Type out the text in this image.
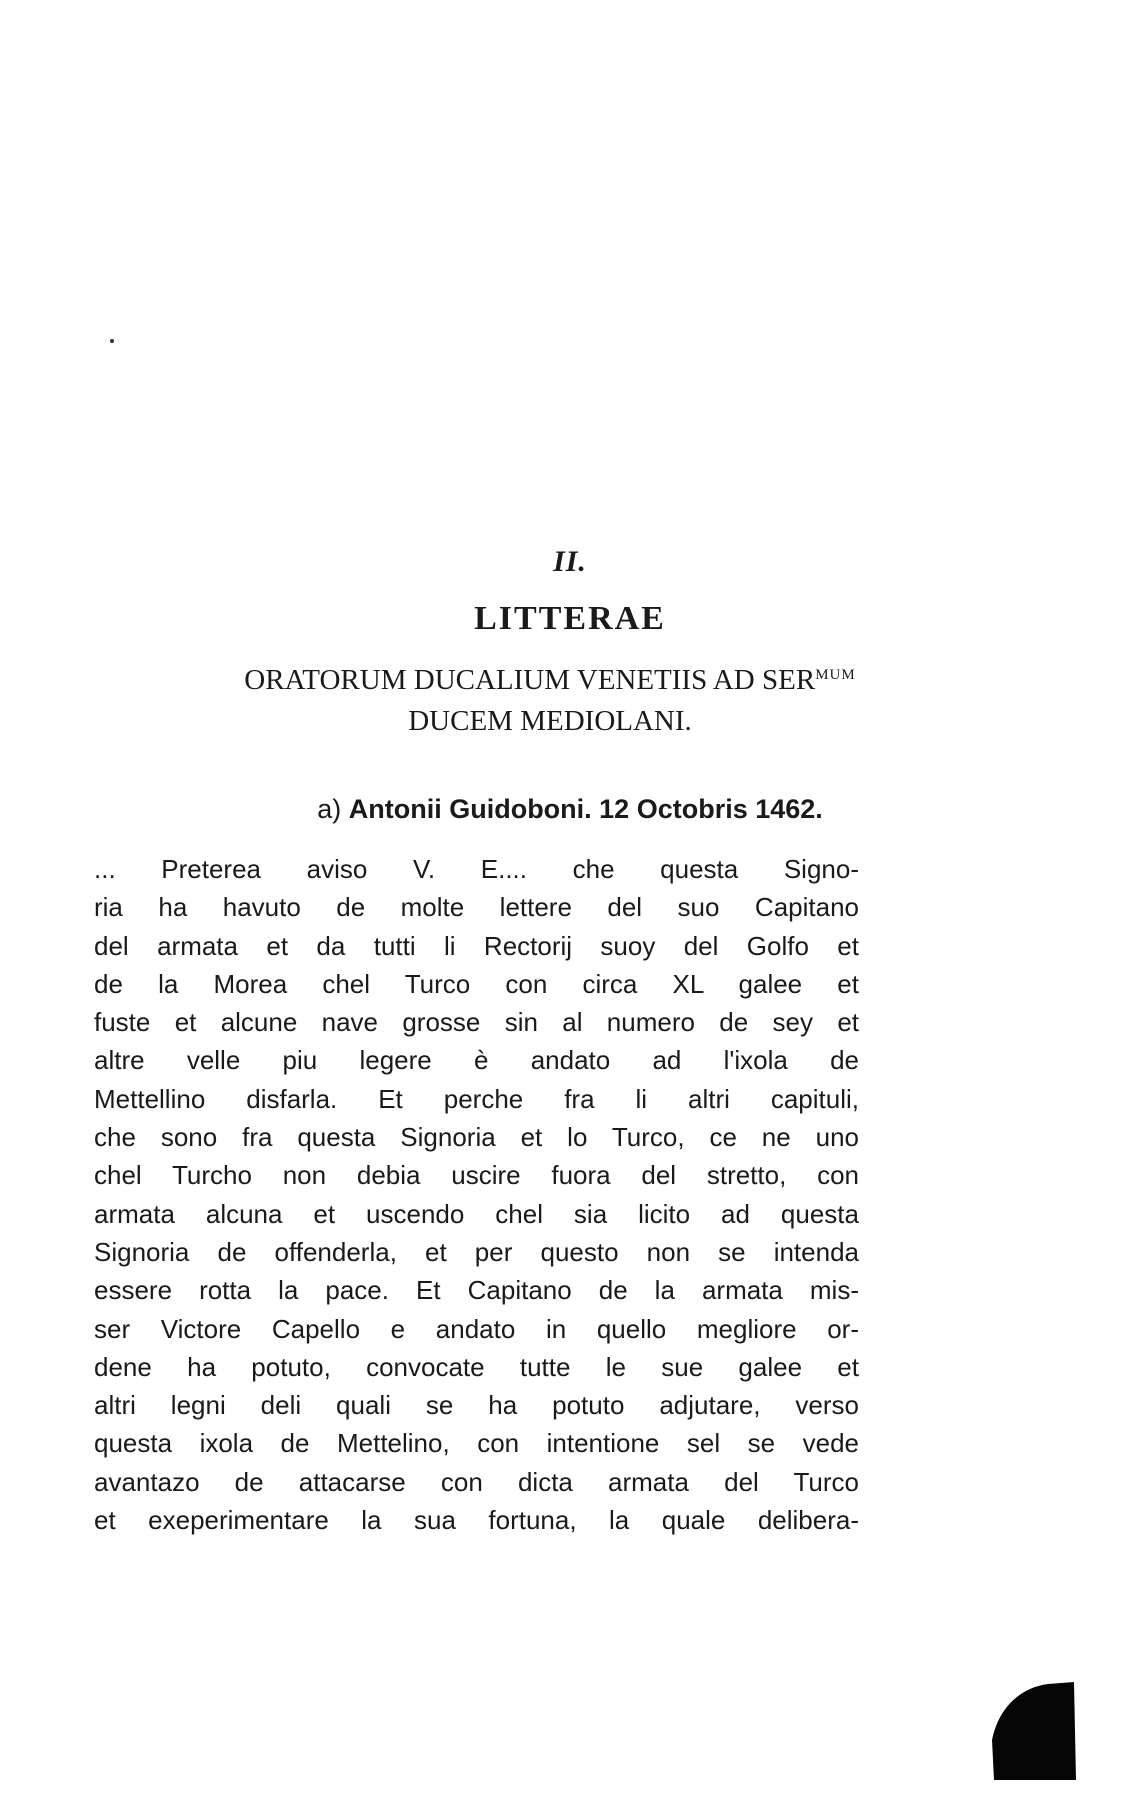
II.
LITTERAE
ORATORUM DUCALIUM VENETIIS AD $SER^{MUM}$
DUCEM MEDIOLANI.
a) Antonii Guidoboni. 12 Octobris 1462.
... Preterea aviso V. E.... che questa Signo-
ria ha havuto de molte lettere del suo Capitano
del armata et da tutti li Rectorij suoy del Golfo et
de la Morea chel Turco con circa XL galee et
fuste et alcune nave grosse sin al numero de sey et
altre velle piu legere è andato ad l'ixola de
Mettellino disfarla. Et perche fra li altri capituli,
che sono fra questa Signoria et lo Turco, ce ne uno
chel Turcho non debia uscire fuora del stretto, con
armata alcuna et uscendo chel sia licito ad questa
Signoria de offenderla, et per questo non se intenda
essere rotta la pace. Et Capitano de la armata mis-
ser Victore Capello e andato in quello megliore or-
dene ha potuto, convocate tutte le sue galee et
altri legni deli quali se ha potuto adjutare, verso
questa ixola de Mettelino, con intentione sel se vede
avantazo de attacarse con dicta armata del Turco
et exeperimentare la sua fortuna, la quale delibera-
